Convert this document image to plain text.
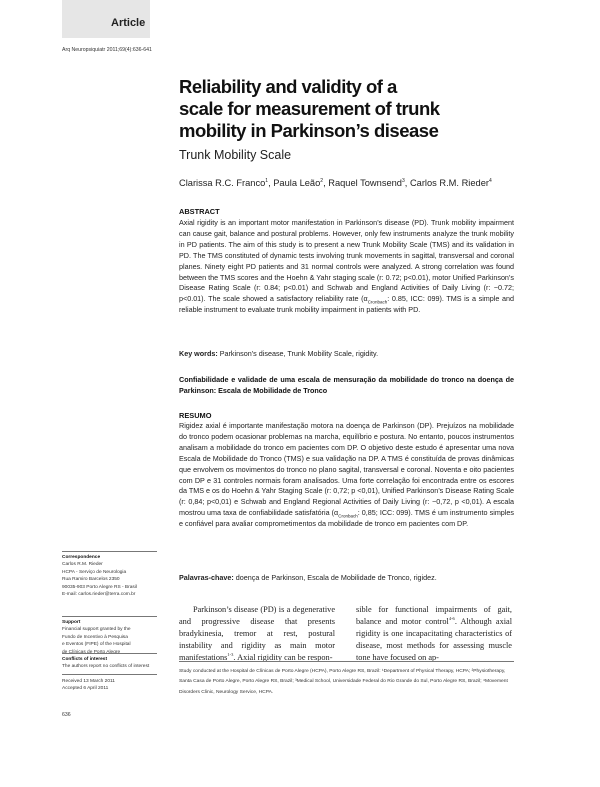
Article
Arq Neuropsiquiatr 2011;69(4):636-641
Reliability and validity of a
scale for measurement of trunk
mobility in Parkinson’s disease
Trunk Mobility Scale
Clarissa R.C. Franco$^1$, Paula Leão$^2$, Raquel Townsend$^3$, Carlos R.M. Rieder$^4$
ABSTRACT
Axial rigidity is an important motor manifestation in Parkinson’s disease (PD). Trunk mobility impairment can cause gait, balance and postural problems. However, only few instruments analyze the trunk mobility in PD patients. The aim of this study is to present a new Trunk Mobility Scale (TMS) and its validation in PD. The TMS constituted of dynamic tests involving trunk movements in sagittal, transversal and coronal planes. Ninety eight PD patients and 31 normal controls were analyzed. A strong correlation was found between the TMS scores and the Hoehn & Yahr staging scale (r: 0.72; p<0.01), motor Unified Parkinson’s Disease Rating Scale (r: 0.84; p<0.01) and Schwab and England Activities of Daily Living (r: −0.72; p<0.01). The scale showed a satisfactory reliability rate ($\alpha_{Cronbach}$: 0.85, ICC: 099). TMS is a simple and reliable instrument to evaluate trunk mobility impairment in patients with PD.
Key words: Parkinson’s disease, Trunk Mobility Scale, rigidity.
Confiabilidade e validade de uma escala de mensuração da mobilidade do tronco na doença de Parkinson: Escala de Mobilidade de Tronco
RESUMO
Rigidez axial é importante manifestação motora na doença de Parkinson (DP). Prejuízos na mobilidade do tronco podem ocasionar problemas na marcha, equilíbrio e postura. No entanto, poucos instrumentos analisam a mobilidade do tronco em pacientes com DP. O objetivo deste estudo é apresentar uma nova Escala de Mobilidade do Tronco (TMS) e sua validação na DP. A TMS é constituída de provas dinâmicas que envolvem os movimentos do tronco no plano sagital, transversal e coronal. Noventa e oito pacientes com DP e 31 controles normais foram analisados. Uma forte correlação foi encontrada entre os escores da TMS e os do Hoehn & Yahr Staging Scale (r: 0,72; p <0,01), Unified Parkinson’s Disease Rating Scale (r: 0,84; p<0,01) e Schwab and England Regional Activities of Daily Living (r: −0,72, p <0,01). A escala mostrou uma taxa de confiabilidade satisfatória ($\alpha_{Cronbach}$: 0,85; ICC: 099). TMS é um instrumento simples e confiável para avaliar comprometimentos da mobilidade de tronco em pacientes com DP.
Palavras-chave: doença de Parkinson, Escala de Mobilidade de Tronco, rigidez.
Correspondence
Carlos R.M. Rieder
HCPA - Serviço de Neurologia
Rua Ramiro Barcelos 2350
90035-903 Porto Alegre RS - Brasil
E-mail: carlos.rieder@terra.com.br
Support
Financial support granted by the
Fundo de Incentivo à Pesquisa
e Eventos (FIPE) of the Hospital
de Clínicas de Porto Alegre
Conflicts of interest
The authors report no conflicts of interest
Received 13 March 2011
Accepted 6 April 2011
Parkinson’s disease (PD) is a degenerative and progressive disease that presents bradykinesia, tremor at rest, postural instability and rigidity as main motor manifestations$^{1-3}$. Axial rigidity can be respon-
sible for functional impairments of gait, balance and motor control$^{4-6}$. Although axial rigidity is one incapacitating characteristics of disease, most methods for assessing muscle tone have focused on ap-
Study conducted at the Hospital de Clínicas de Porto Alegre (HCPA), Porto Alegre RS, Brazil: ¹Department of Physical Therapy, HCPA; ²Physiotherapy, Santa Casa de Porto Alegre, Porto Alegre RS, Brazil; ³Medical School, Universidade Federal do Rio Grande do Sul, Porto Alegre RS, Brazil; ⁴Movement Disorders Clinic, Neurology Service, HCPA.
636
